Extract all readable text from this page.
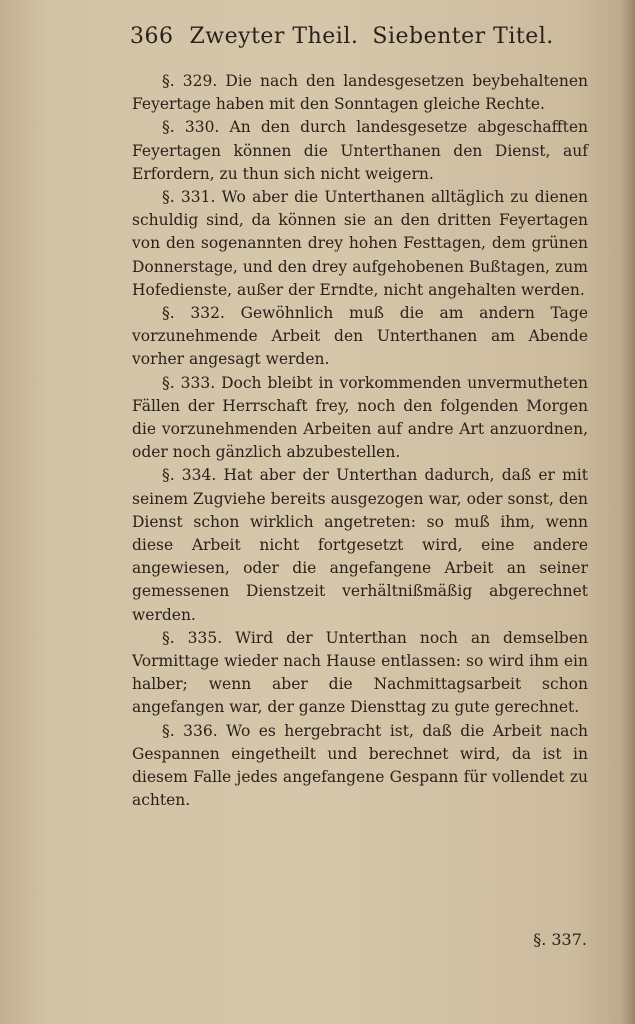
366 Zweyter Theil. Siebenter Titel.

§. 329. Die nach den landesgesetzen beybehaltenen Feyertage haben mit den Sonntagen gleiche Rechte.

§. 330. An den durch landesgesetze abgeschafften Feyertagen können die Unterthanen den Dienst, auf Erfordern, zu thun sich nicht weigern.

§. 331. Wo aber die Unterthanen alltäglich zu dienen schuldig sind, da können sie an den dritten Feyertagen von den sogenannten drey hohen Festtagen, dem grünen Donnerstage, und den drey aufgehobenen Bußtagen, zum Hofedienste, außer der Erndte, nicht angehalten werden.

§. 332. Gewöhnlich muß die am andern Tage vorzunehmende Arbeit den Unterthanen am Abende vorher angesagt werden.

§. 333. Doch bleibt in vorkommenden unvermutheten Fällen der Herrschaft frey, noch den folgenden Morgen die vorzunehmenden Arbeiten auf andre Art anzuordnen, oder noch gänzlich abzubestellen.

§. 334. Hat aber der Unterthan dadurch, daß er mit seinem Zugviehe bereits ausgezogen war, oder sonst, den Dienst schon wirklich angetreten: so muß ihm, wenn diese Arbeit nicht fortgesetzt wird, eine andere angewiesen, oder die angefangene Arbeit an seiner gemessenen Dienstzeit verhältnißmäßig abgerechnet werden.

§. 335. Wird der Unterthan noch an demselben Vormittage wieder nach Hause entlassen: so wird ihm ein halber; wenn aber die Nachmittagsarbeit schon angefangen war, der ganze Diensttag zu gute gerechnet.

§. 336. Wo es hergebracht ist, daß die Arbeit nach Gespannen eingetheilt und berechnet wird, da ist in diesem Falle jedes angefangene Gespann für vollendet zu achten.

§. 337.
